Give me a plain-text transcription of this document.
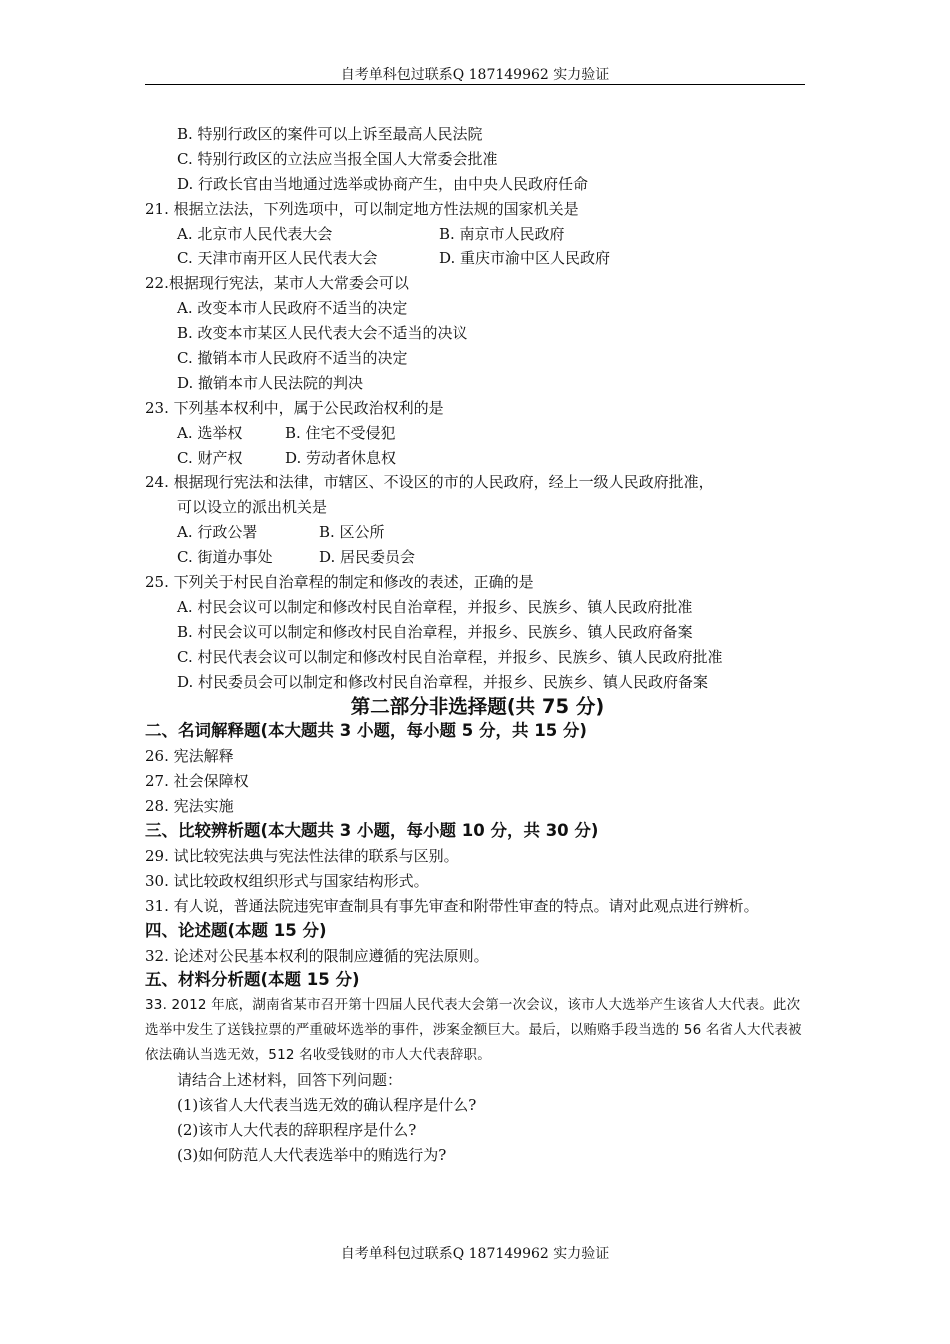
自考单科包过联系Q 187149962 实力验证
B. 特别行政区的案件可以上诉至最高人民法院
C. 特别行政区的立法应当报全国人大常委会批准
D. 行政长官由当地通过选举或协商产生，由中央人民政府任命
21. 根据立法法，下列选项中，可以制定地方性法规的国家机关是
A. 北京市人民代表大会	B. 南京市人民政府
C. 天津市南开区人民代表大会	D. 重庆市渝中区人民政府
22.根据现行宪法，某市人大常委会可以
A. 改变本市人民政府不适当的决定
B. 改变本市某区人民代表大会不适当的决议
C. 撤销本市人民政府不适当的决定
D. 撤销本市人民法院的判决
23. 下列基本权利中，属于公民政治权利的是
A. 选举权	B. 住宅不受侵犯
C. 财产权	D. 劳动者休息权
24. 根据现行宪法和法律，市辖区、不设区的市的人民政府，经上一级人民政府批准，
可以设立的派出机关是
A. 行政公署	B. 区公所
C. 街道办事处	D. 居民委员会
25. 下列关于村民自治章程的制定和修改的表述，正确的是
A. 村民会议可以制定和修改村民自治章程，并报乡、民族乡、镇人民政府批准
B. 村民会议可以制定和修改村民自治章程，并报乡、民族乡、镇人民政府备案
C. 村民代表会议可以制定和修改村民自治章程，并报乡、民族乡、镇人民政府批准
D. 村民委员会可以制定和修改村民自治章程，并报乡、民族乡、镇人民政府备案
第二部分非选择题(共 75 分)
二、名词解释题(本大题共 3 小题，每小题 5 分，共 15 分)
26. 宪法解释
27. 社会保障权
28. 宪法实施
三、比较辨析题(本大题共 3 小题，每小题 10 分，共 30 分)
29. 试比较宪法典与宪法性法律的联系与区别。
30. 试比较政权组织形式与国家结构形式。
31. 有人说，普通法院违宪审查制具有事先审查和附带性审查的特点。请对此观点进行辨析。
四、论述题(本题 15 分)
32. 论述对公民基本权利的限制应遵循的宪法原则。
五、材料分析题(本题 15 分)
33. 2012 年底，湖南省某市召开第十四届人民代表大会第一次会议，该市人大选举产生该省人大代表。此次选举中发生了送钱拉票的严重破坏选举的事件，涉案金额巨大。最后，以贿赂手段当选的 56 名省人大代表被依法确认当选无效，512 名收受钱财的市人大代表辞职。
请结合上述材料，回答下列问题：
(1)该省人大代表当选无效的确认程序是什么?
(2)该市人大代表的辞职程序是什么?
(3)如何防范人大代表选举中的贿选行为?
自考单科包过联系Q 187149962 实力验证
